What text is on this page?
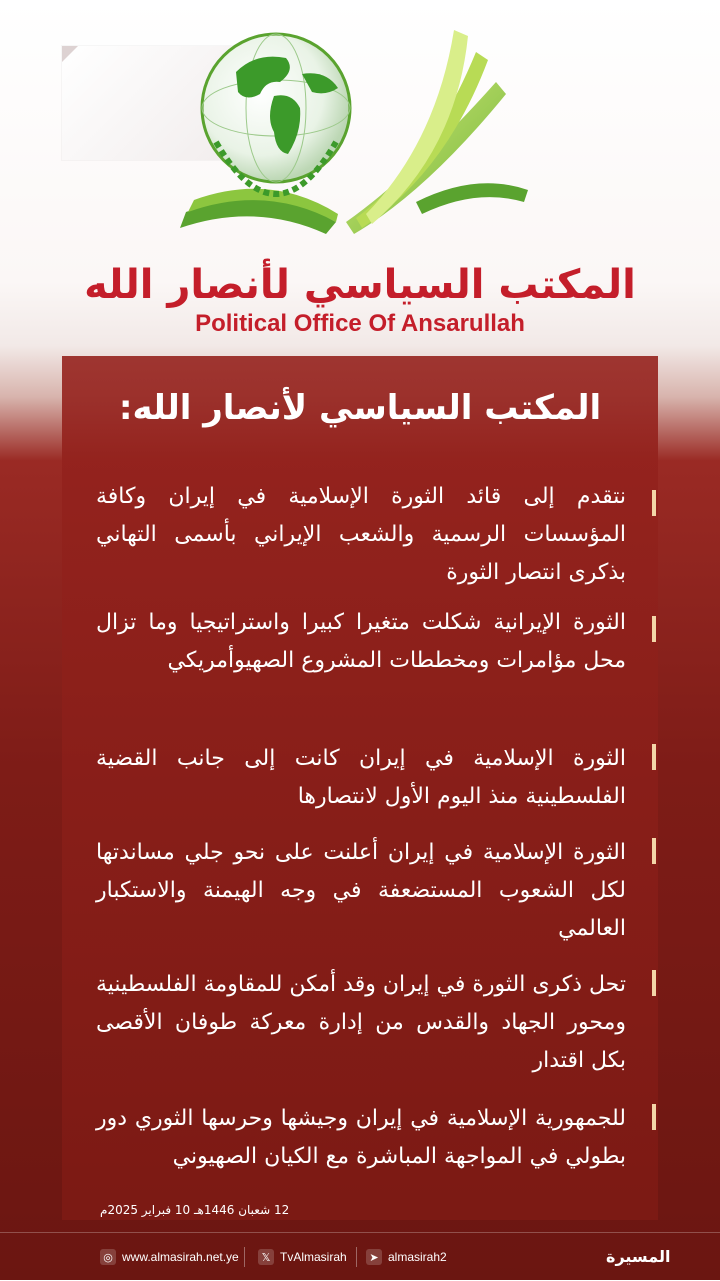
المكتب السياسي لأنصار الله
Political Office Of Ansarullah
المكتب السياسي لأنصار الله:
نتقدم إلى قائد الثورة الإسلامية في إيران وكافة المؤسسات الرسمية والشعب الإيراني بأسمى التهاني بذكرى انتصار الثورة
الثورة الإيرانية شكلت متغيرا كبيرا واستراتيجيا وما تزال محل مؤامرات ومخططات المشروع الصهيوأمريكي
الثورة الإسلامية في إيران كانت إلى جانب القضية الفلسطينية منذ اليوم الأول لانتصارها
الثورة الإسلامية في إيران أعلنت على نحو جلي مساندتها لكل الشعوب المستضعفة في وجه الهيمنة والاستكبار العالمي
تحل ذكرى الثورة في إيران وقد أمكن للمقاومة الفلسطينية ومحور الجهاد والقدس من إدارة معركة طوفان الأقصى بكل اقتدار
للجمهورية الإسلامية في إيران وجيشها وحرسها الثوري دور بطولي في المواجهة المباشرة مع الكيان الصهيوني
12 شعبان 1446هـ 10 فبراير 2025م
◎ www.almasirah.net.ye	𝕏 TvAlmasirah	➤ almasirah2	المسيرة
